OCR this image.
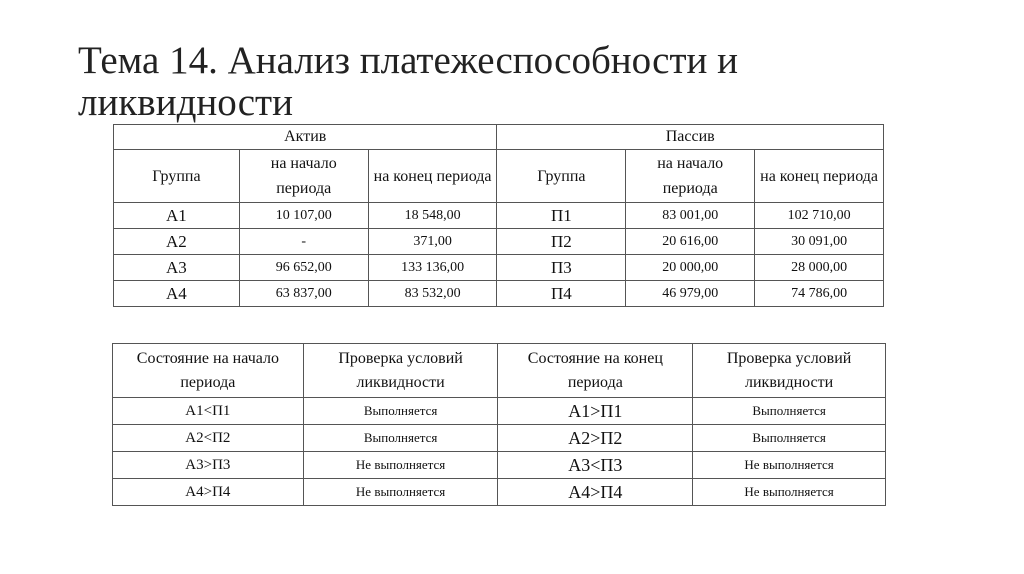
Тема 14. Анализ платежеспособности и ликвидности
Актив			Пассив		
Группа	на начало периода	на конец периода	Группа	на начало периода	на конец периода
А1	10 107,00	18 548,00	П1	83 001,00	102 710,00
А2	-	371,00	П2	20 616,00	30 091,00
А3	96 652,00	133 136,00	П3	20 000,00	28 000,00
А4	63 837,00	83 532,00	П4	46 979,00	74 786,00
Состояние на начало периода	Проверка условий ликвидности	Состояние на конец периода	Проверка условий ликвидности
А1<П1	Выполняется	А1>П1	Выполняется
А2<П2	Выполняется	А2>П2	Выполняется
А3>П3	Не выполняется	А3<П3	Не выполняется
А4>П4	Не выполняется	А4>П4	Не выполняется
